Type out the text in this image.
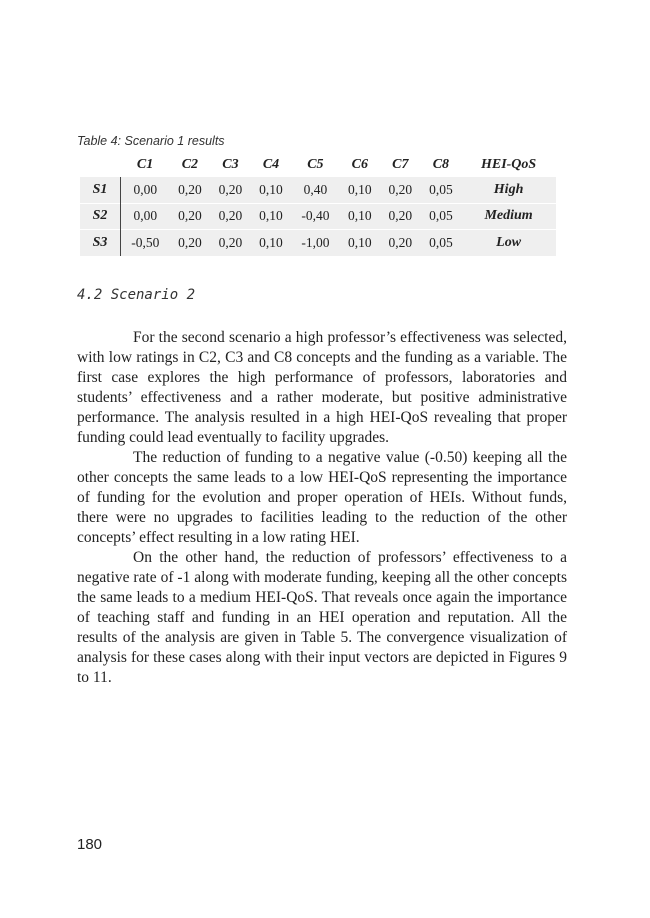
Table 4: Scenario 1 results
	C1	C2	C3	C4	C5	C6	C7	C8	HEI-QoS
S1	0,00	0,20	0,20	0,10	0,40	0,10	0,20	0,05	High
S2	0,00	0,20	0,20	0,10	-0,40	0,10	0,20	0,05	Medium
S3	-0,50	0,20	0,20	0,10	-1,00	0,10	0,20	0,05	Low
4.2 Scenario 2

For the second scenario a high professor’s effectiveness was selected, with low ratings in C2, C3 and C8 concepts and the funding as a variable. The first case explores the high performance of professors, laboratories and students’ effectiveness and a rather moderate, but positive administrative performance. The analysis resulted in a high HEI-QoS revealing that proper funding could lead eventually to facility upgrades.

The reduction of funding to a negative value (-0.50) keeping all the other concepts the same leads to a low HEI-QoS representing the importance of funding for the evolution and proper operation of HEIs. Without funds, there were no upgrades to facilities leading to the reduction of the other concepts’ effect resulting in a low rating HEI.

On the other hand, the reduction of professors’ effectiveness to a negative rate of -1 along with moderate funding, keeping all the other concepts the same leads to a medium HEI-QoS. That reveals once again the importance of teaching staff and funding in an HEI operation and reputation. All the results of the analysis are given in Table 5. The convergence visualization of analysis for these cases along with their input vectors are depicted in Figures 9 to 11.

180
